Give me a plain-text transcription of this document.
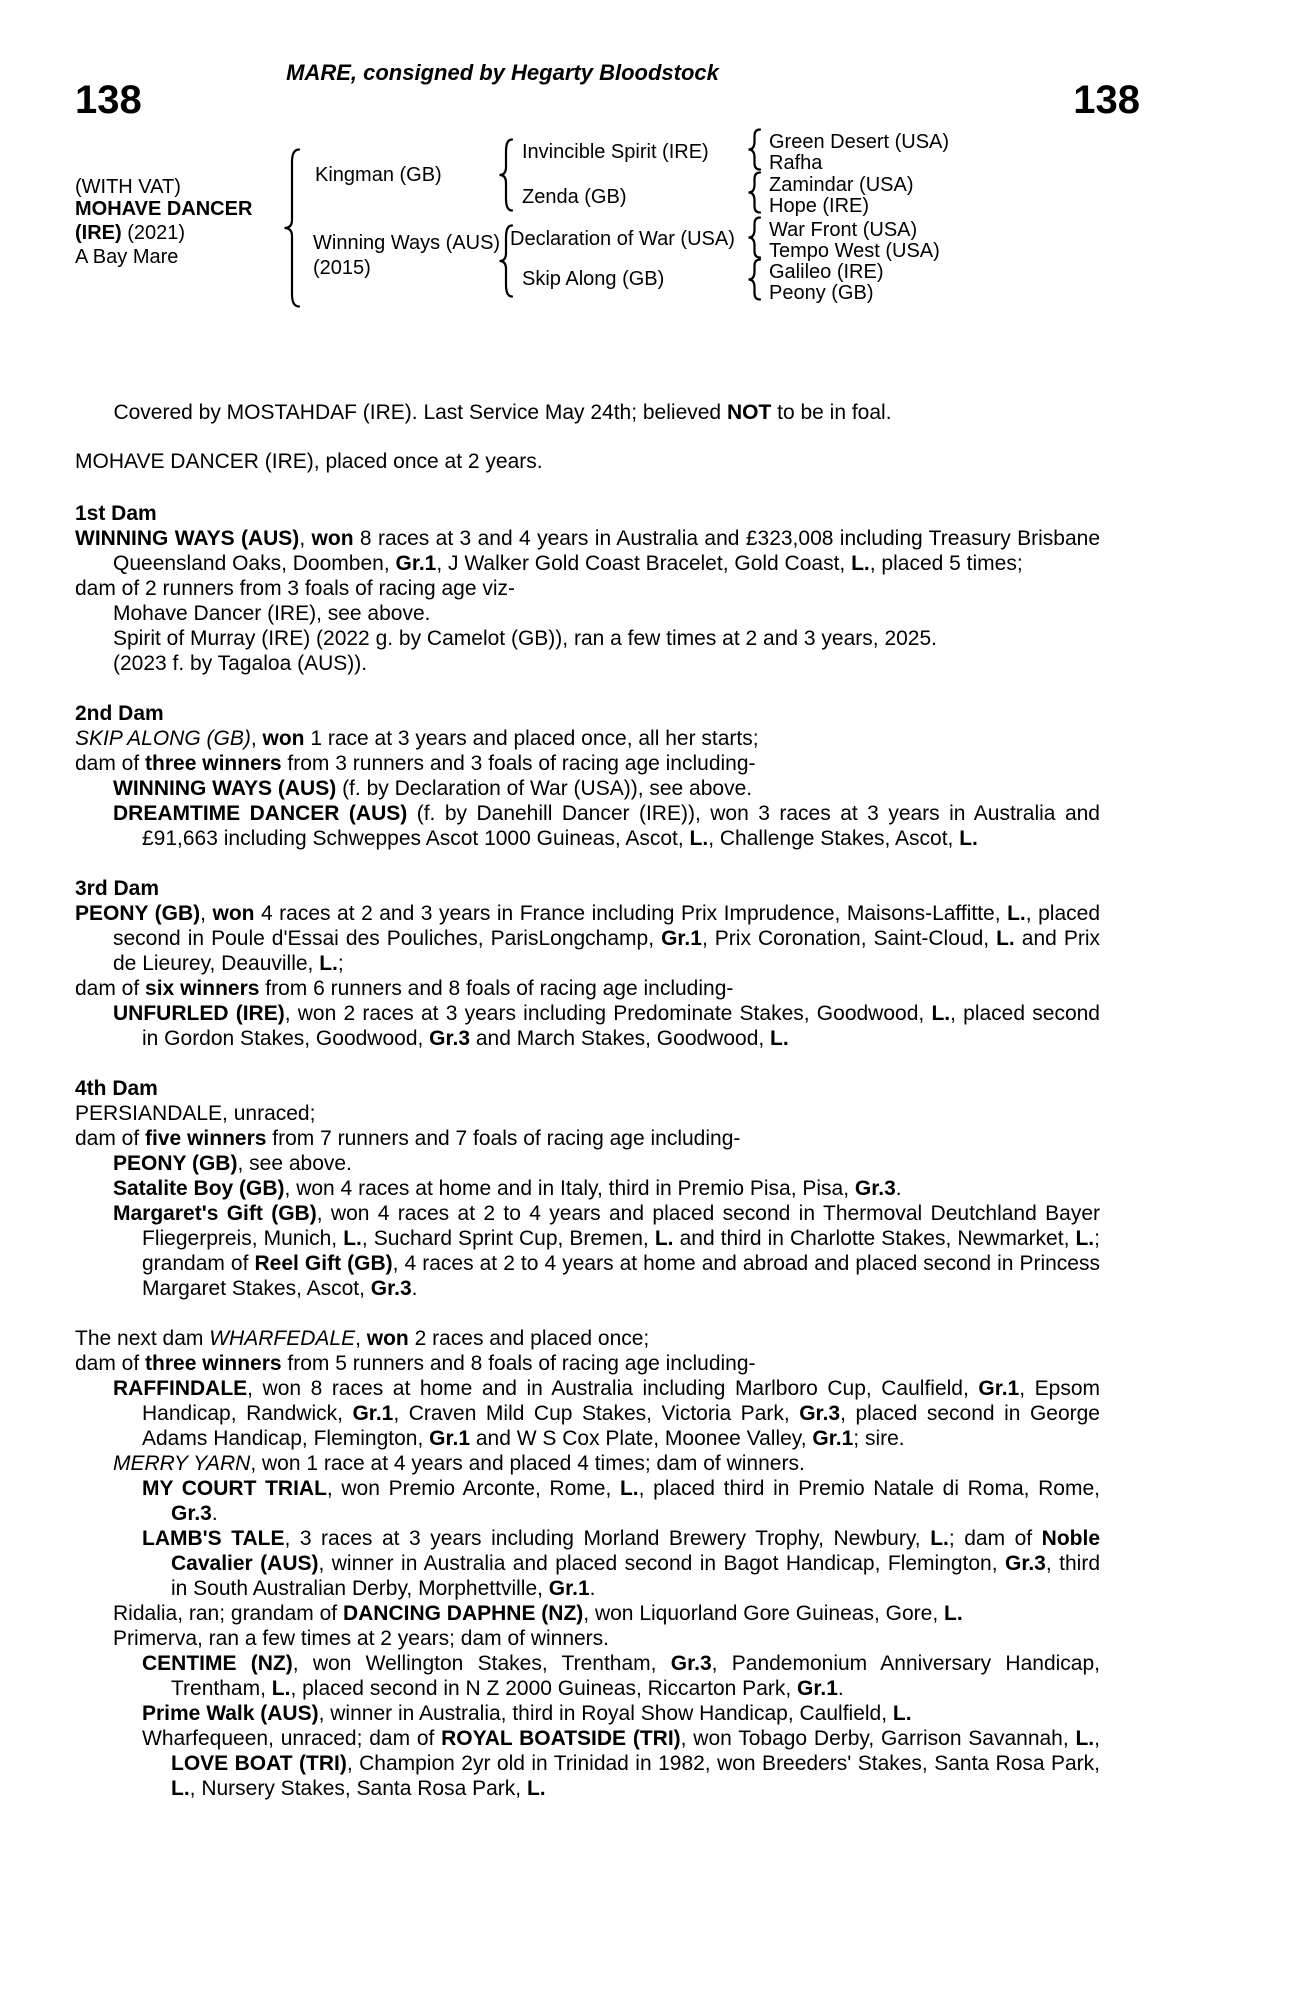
MARE, consigned by Hegarty Bloodstock
138	138
(WITH VAT)
MOHAVE DANCER
(IRE) (2021)
A Bay Mare
Kingman (GB)
Winning Ways (AUS)
(2015)
Invincible Spirit (IRE)
Zenda (GB)
Declaration of War (USA)
Skip Along (GB)
Green Desert (USA)
Rafha
Zamindar (USA)
Hope (IRE)
War Front (USA)
Tempo West (USA)
Galileo (IRE)
Peony (GB)
Covered by MOSTAHDAF (IRE). Last Service May 24th; believed NOT to be in foal.
MOHAVE DANCER (IRE), placed once at 2 years.
1st Dam
WINNING WAYS (AUS), won 8 races at 3 and 4 years in Australia and £323,008 including Treasury Brisbane Queensland Oaks, Doomben, Gr.1, J Walker Gold Coast Bracelet, Gold Coast, L., placed 5 times;
dam of 2 runners from 3 foals of racing age viz-
Mohave Dancer (IRE), see above.
Spirit of Murray (IRE) (2022 g. by Camelot (GB)), ran a few times at 2 and 3 years, 2025.
(2023 f. by Tagaloa (AUS)).
2nd Dam
SKIP ALONG (GB), won 1 race at 3 years and placed once, all her starts;
dam of three winners from 3 runners and 3 foals of racing age including-
WINNING WAYS (AUS) (f. by Declaration of War (USA)), see above.
DREAMTIME DANCER (AUS) (f. by Danehill Dancer (IRE)), won 3 races at 3 years in Australia and £91,663 including Schweppes Ascot 1000 Guineas, Ascot, L., Challenge Stakes, Ascot, L.
3rd Dam
PEONY (GB), won 4 races at 2 and 3 years in France including Prix Imprudence, Maisons-Laffitte, L., placed second in Poule d'Essai des Pouliches, ParisLongchamp, Gr.1, Prix Coronation, Saint-Cloud, L. and Prix de Lieurey, Deauville, L.;
dam of six winners from 6 runners and 8 foals of racing age including-
UNFURLED (IRE), won 2 races at 3 years including Predominate Stakes, Goodwood, L., placed second in Gordon Stakes, Goodwood, Gr.3 and March Stakes, Goodwood, L.
4th Dam
PERSIANDALE, unraced;
dam of five winners from 7 runners and 7 foals of racing age including-
PEONY (GB), see above.
Satalite Boy (GB), won 4 races at home and in Italy, third in Premio Pisa, Pisa, Gr.3.
Margaret's Gift (GB), won 4 races at 2 to 4 years and placed second in Thermoval Deutchland Bayer Fliegerpreis, Munich, L., Suchard Sprint Cup, Bremen, L. and third in Charlotte Stakes, Newmarket, L.; grandam of Reel Gift (GB), 4 races at 2 to 4 years at home and abroad and placed second in Princess Margaret Stakes, Ascot, Gr.3.
The next dam WHARFEDALE, won 2 races and placed once;
dam of three winners from 5 runners and 8 foals of racing age including-
RAFFINDALE, won 8 races at home and in Australia including Marlboro Cup, Caulfield, Gr.1, Epsom Handicap, Randwick, Gr.1, Craven Mild Cup Stakes, Victoria Park, Gr.3, placed second in George Adams Handicap, Flemington, Gr.1 and W S Cox Plate, Moonee Valley, Gr.1; sire.
MERRY YARN, won 1 race at 4 years and placed 4 times; dam of winners.
MY COURT TRIAL, won Premio Arconte, Rome, L., placed third in Premio Natale di Roma, Rome, Gr.3.
LAMB'S TALE, 3 races at 3 years including Morland Brewery Trophy, Newbury, L.; dam of Noble Cavalier (AUS), winner in Australia and placed second in Bagot Handicap, Flemington, Gr.3, third in South Australian Derby, Morphettville, Gr.1.
Ridalia, ran; grandam of DANCING DAPHNE (NZ), won Liquorland Gore Guineas, Gore, L.
Primerva, ran a few times at 2 years; dam of winners.
CENTIME (NZ), won Wellington Stakes, Trentham, Gr.3, Pandemonium Anniversary Handicap, Trentham, L., placed second in N Z 2000 Guineas, Riccarton Park, Gr.1.
Prime Walk (AUS), winner in Australia, third in Royal Show Handicap, Caulfield, L.
Wharfequeen, unraced; dam of ROYAL BOATSIDE (TRI), won Tobago Derby, Garrison Savannah, L., LOVE BOAT (TRI), Champion 2yr old in Trinidad in 1982, won Breeders' Stakes, Santa Rosa Park, L., Nursery Stakes, Santa Rosa Park, L.
